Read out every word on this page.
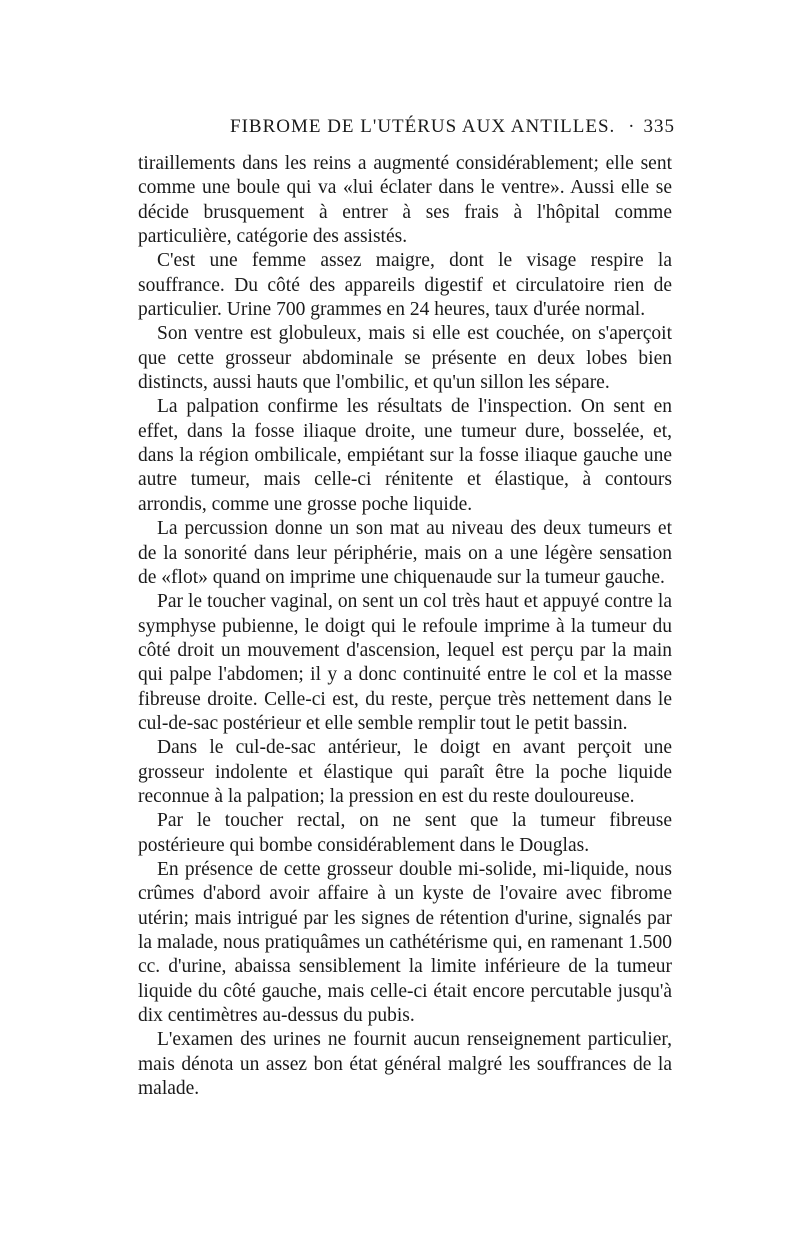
FIBROME DE L'UTÉRUS AUX ANTILLES. · 335

tiraillements dans les reins a augmenté considérablement; elle sent comme une boule qui va «lui éclater dans le ventre». Aussi elle se décide brusquement à entrer à ses frais à l'hôpital comme particulière, catégorie des assistés.

C'est une femme assez maigre, dont le visage respire la souffrance. Du côté des appareils digestif et circulatoire rien de particulier. Urine 700 grammes en 24 heures, taux d'urée normal.

Son ventre est globuleux, mais si elle est couchée, on s'aperçoit que cette grosseur abdominale se présente en deux lobes bien distincts, aussi hauts que l'ombilic, et qu'un sillon les sépare.

La palpation confirme les résultats de l'inspection. On sent en effet, dans la fosse iliaque droite, une tumeur dure, bosselée, et, dans la région ombilicale, empiétant sur la fosse iliaque gauche une autre tumeur, mais celle-ci rénitente et élastique, à contours arrondis, comme une grosse poche liquide.

La percussion donne un son mat au niveau des deux tumeurs et de la sonorité dans leur périphérie, mais on a une légère sensation de «flot» quand on imprime une chiquenaude sur la tumeur gauche.

Par le toucher vaginal, on sent un col très haut et appuyé contre la symphyse pubienne, le doigt qui le refoule imprime à la tumeur du côté droit un mouvement d'ascension, lequel est perçu par la main qui palpe l'abdomen; il y a donc continuité entre le col et la masse fibreuse droite. Celle-ci est, du reste, perçue très nettement dans le cul-de-sac postérieur et elle semble remplir tout le petit bassin.

Dans le cul-de-sac antérieur, le doigt en avant perçoit une grosseur indolente et élastique qui paraît être la poche liquide reconnue à la palpation; la pression en est du reste douloureuse.

Par le toucher rectal, on ne sent que la tumeur fibreuse postérieure qui bombe considérablement dans le Douglas.

En présence de cette grosseur double mi-solide, mi-liquide, nous crûmes d'abord avoir affaire à un kyste de l'ovaire avec fibrome utérin; mais intrigué par les signes de rétention d'urine, signalés par la malade, nous pratiquâmes un cathétérisme qui, en ramenant 1.500 cc. d'urine, abaissa sensiblement la limite inférieure de la tumeur liquide du côté gauche, mais celle-ci était encore percutable jusqu'à dix centimètres au-dessus du pubis.

L'examen des urines ne fournit aucun renseignement particulier, mais dénota un assez bon état général malgré les souffrances de la malade.
